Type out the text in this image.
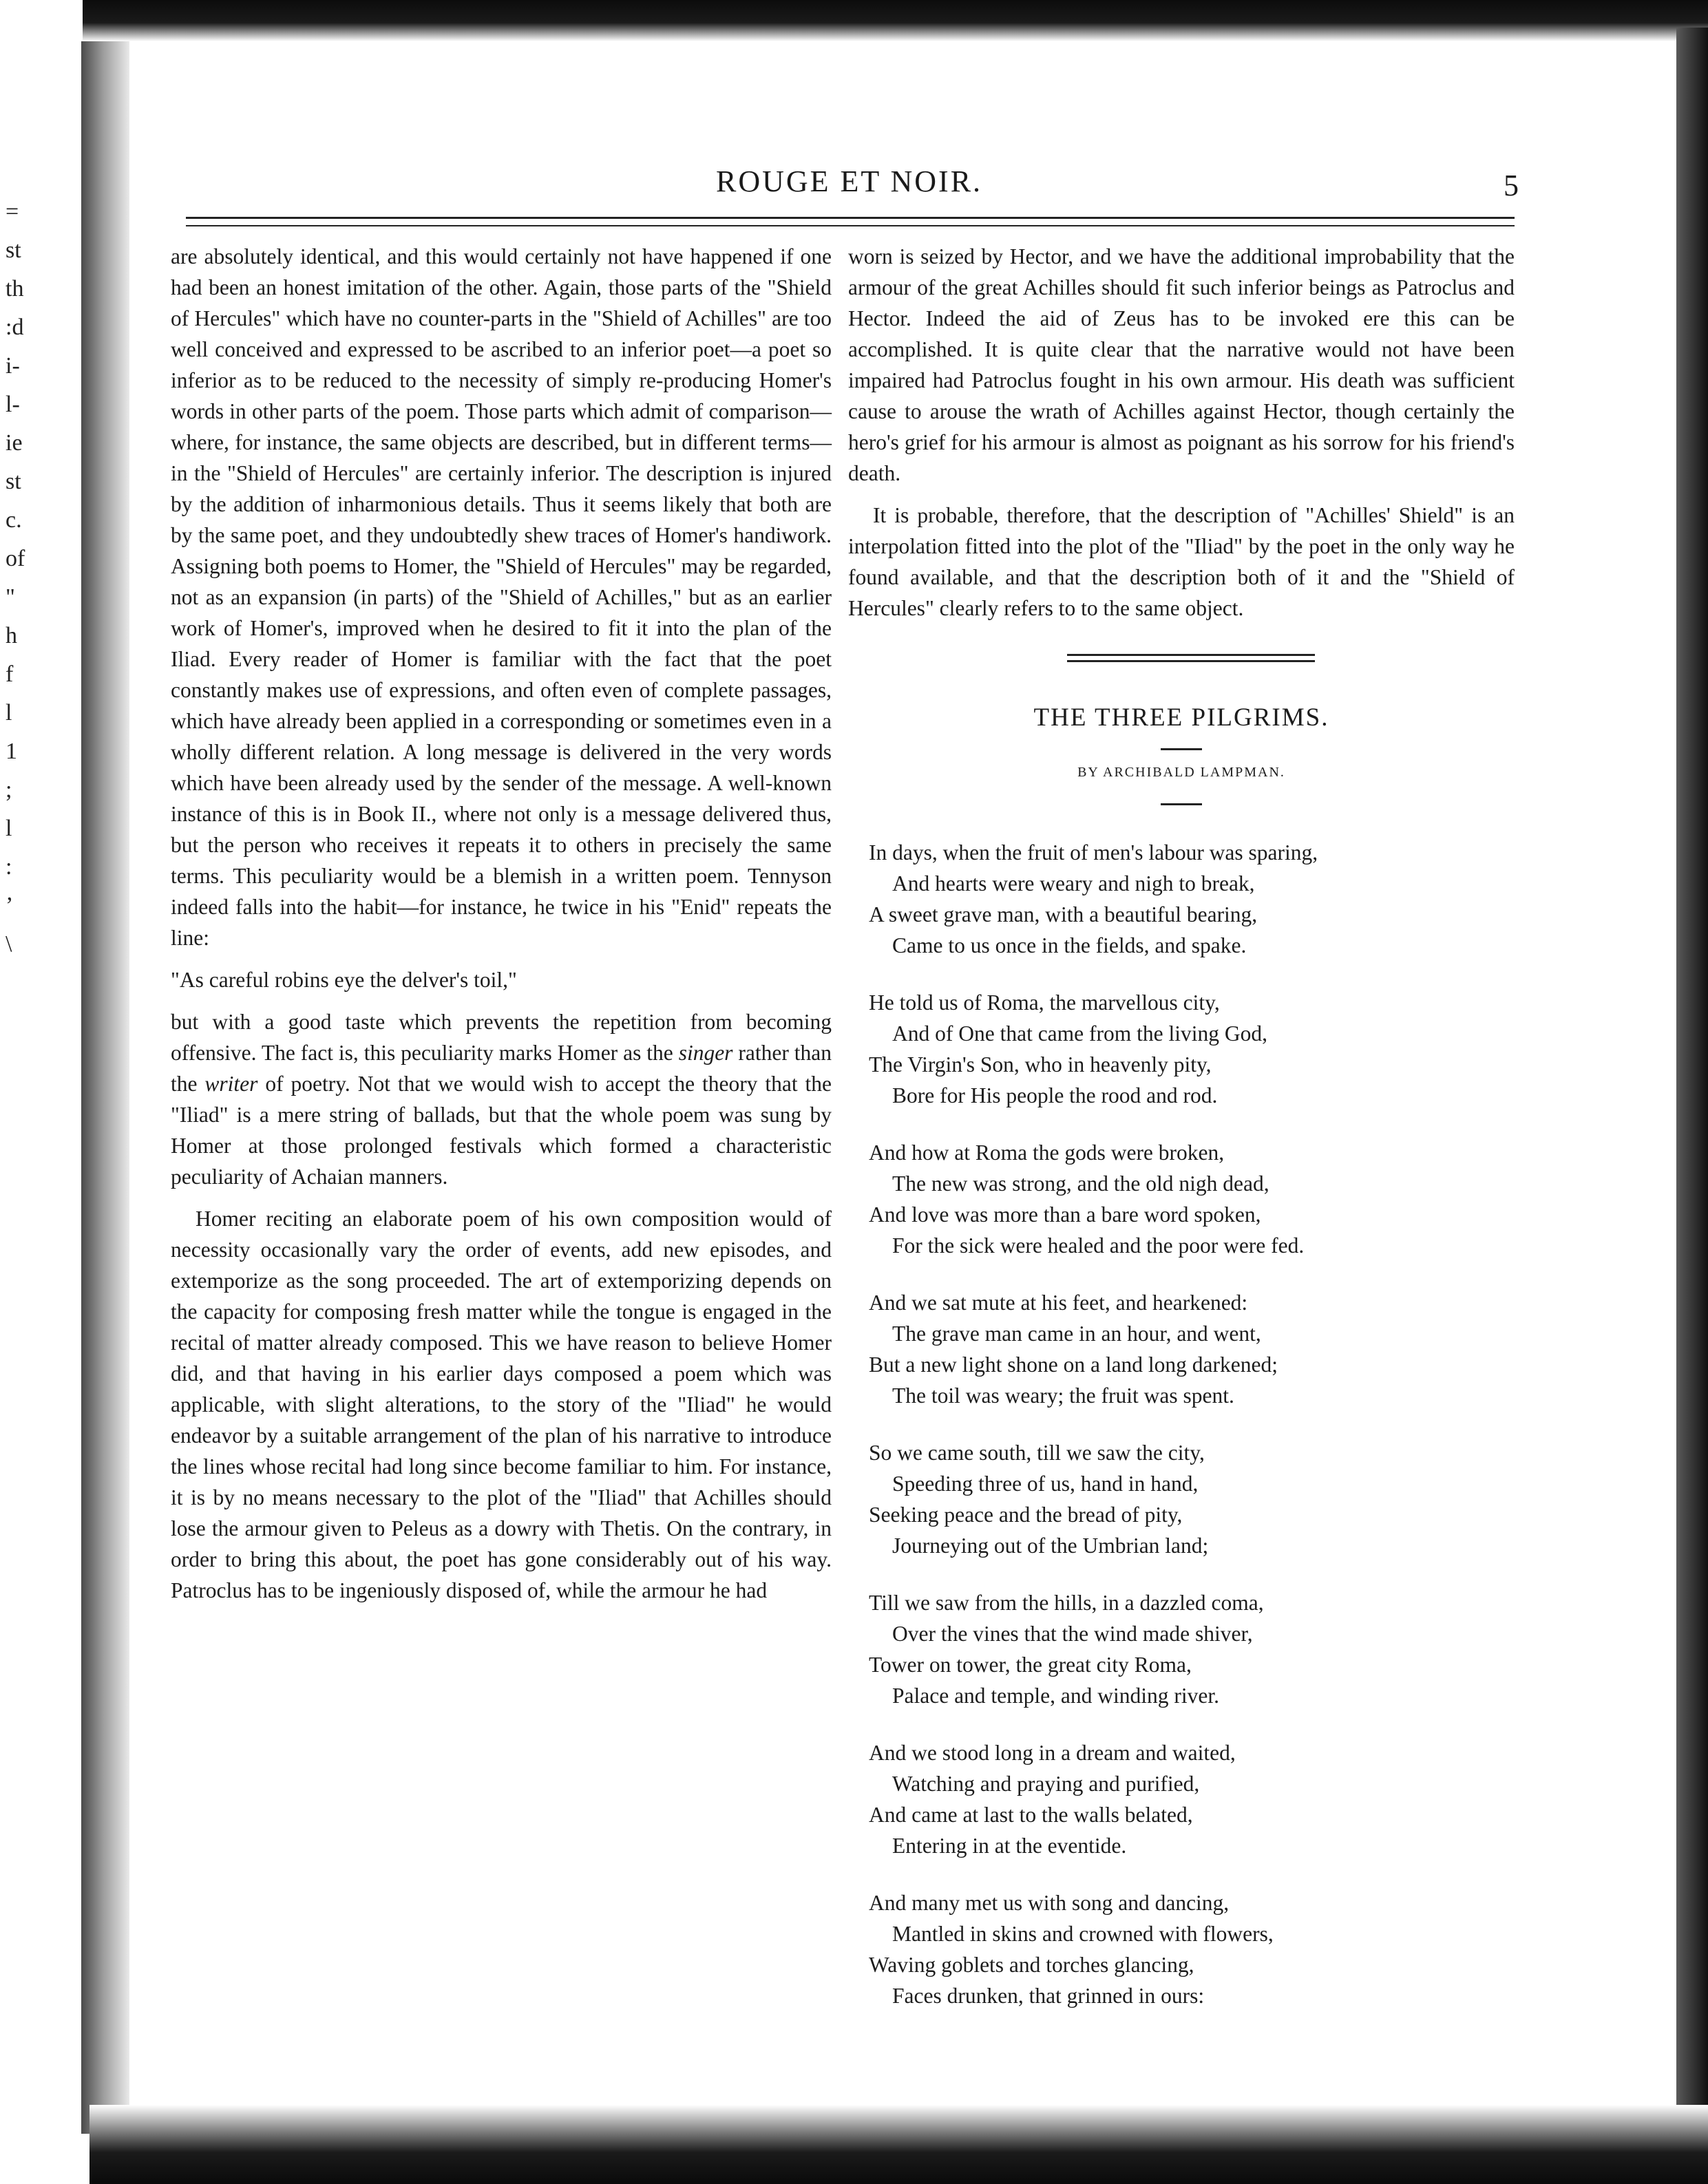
=
st
th
:d
i-
l-
ie
st
c.
of
"
h
f
l
1
;
l
:
’
\
ROUGE ET NOIR.	5

are absolutely identical, and this would certainly not have happened if one had been an honest imitation of the other. Again, those parts of the "Shield of Hercules" which have no counter-parts in the "Shield of Achilles" are too well conceived and expressed to be ascribed to an inferior poet—a poet so inferior as to be reduced to the necessity of simply re-producing Homer's words in other parts of the poem. Those parts which admit of comparison—where, for instance, the same objects are described, but in different terms—in the "Shield of Hercules" are certainly inferior. The description is injured by the addition of inharmonious details. Thus it seems likely that both are by the same poet, and they undoubtedly shew traces of Homer's handiwork. Assigning both poems to Homer, the "Shield of Hercules" may be regarded, not as an expansion (in parts) of the "Shield of Achilles," but as an earlier work of Homer's, improved when he desired to fit it into the plan of the Iliad. Every reader of Homer is familiar with the fact that the poet constantly makes use of expressions, and often even of complete passages, which have already been applied in a corresponding or sometimes even in a wholly different relation. A long message is delivered in the very words which have been already used by the sender of the message. A well-known instance of this is in Book II., where not only is a message delivered thus, but the person who receives it repeats it to others in precisely the same terms. This peculiarity would be a blemish in a written poem. Tennyson indeed falls into the habit—for instance, he twice in his "Enid" repeats the line:

"As careful robins eye the delver's toil,"

but with a good taste which prevents the repetition from becoming offensive. The fact is, this peculiarity marks Homer as the singer rather than the writer of poetry. Not that we would wish to accept the theory that the "Iliad" is a mere string of ballads, but that the whole poem was sung by Homer at those prolonged festivals which formed a characteristic peculiarity of Achaian manners.

Homer reciting an elaborate poem of his own composition would of necessity occasionally vary the order of events, add new episodes, and extemporize as the song proceeded. The art of extemporizing depends on the capacity for composing fresh matter while the tongue is engaged in the recital of matter already composed. This we have reason to believe Homer did, and that having in his earlier days composed a poem which was applicable, with slight alterations, to the story of the "Iliad" he would endeavor by a suitable arrangement of the plan of his narrative to introduce the lines whose recital had long since become familiar to him. For instance, it is by no means necessary to the plot of the "Iliad" that Achilles should lose the armour given to Peleus as a dowry with Thetis. On the contrary, in order to bring this about, the poet has gone considerably out of his way. Patroclus has to be ingeniously disposed of, while the armour he had

worn is seized by Hector, and we have the additional improbability that the armour of the great Achilles should fit such inferior beings as Patroclus and Hector. Indeed the aid of Zeus has to be invoked ere this can be accomplished. It is quite clear that the narrative would not have been impaired had Patroclus fought in his own armour. His death was sufficient cause to arouse the wrath of Achilles against Hector, though certainly the hero's grief for his armour is almost as poignant as his sorrow for his friend's death.

It is probable, therefore, that the description of "Achilles' Shield" is an interpolation fitted into the plot of the "Iliad" by the poet in the only way he found available, and that the description both of it and the "Shield of Hercules" clearly refers to to the same object.

THE THREE PILGRIMS.
BY ARCHIBALD LAMPMAN.
In days, when the fruit of men's labour was sparing,
And hearts were weary and nigh to break,
A sweet grave man, with a beautiful bearing,
Came to us once in the fields, and spake.
He told us of Roma, the marvellous city,
And of One that came from the living God,
The Virgin's Son, who in heavenly pity,
Bore for His people the rood and rod.
And how at Roma the gods were broken,
The new was strong, and the old nigh dead,
And love was more than a bare word spoken,
For the sick were healed and the poor were fed.
And we sat mute at his feet, and hearkened:
The grave man came in an hour, and went,
But a new light shone on a land long darkened;
The toil was weary; the fruit was spent.
So we came south, till we saw the city,
Speeding three of us, hand in hand,
Seeking peace and the bread of pity,
Journeying out of the Umbrian land;
Till we saw from the hills, in a dazzled coma,
Over the vines that the wind made shiver,
Tower on tower, the great city Roma,
Palace and temple, and winding river.
And we stood long in a dream and waited,
Watching and praying and purified,
And came at last to the walls belated,
Entering in at the eventide.
And many met us with song and dancing,
Mantled in skins and crowned with flowers,
Waving goblets and torches glancing,
Faces drunken, that grinned in ours:
